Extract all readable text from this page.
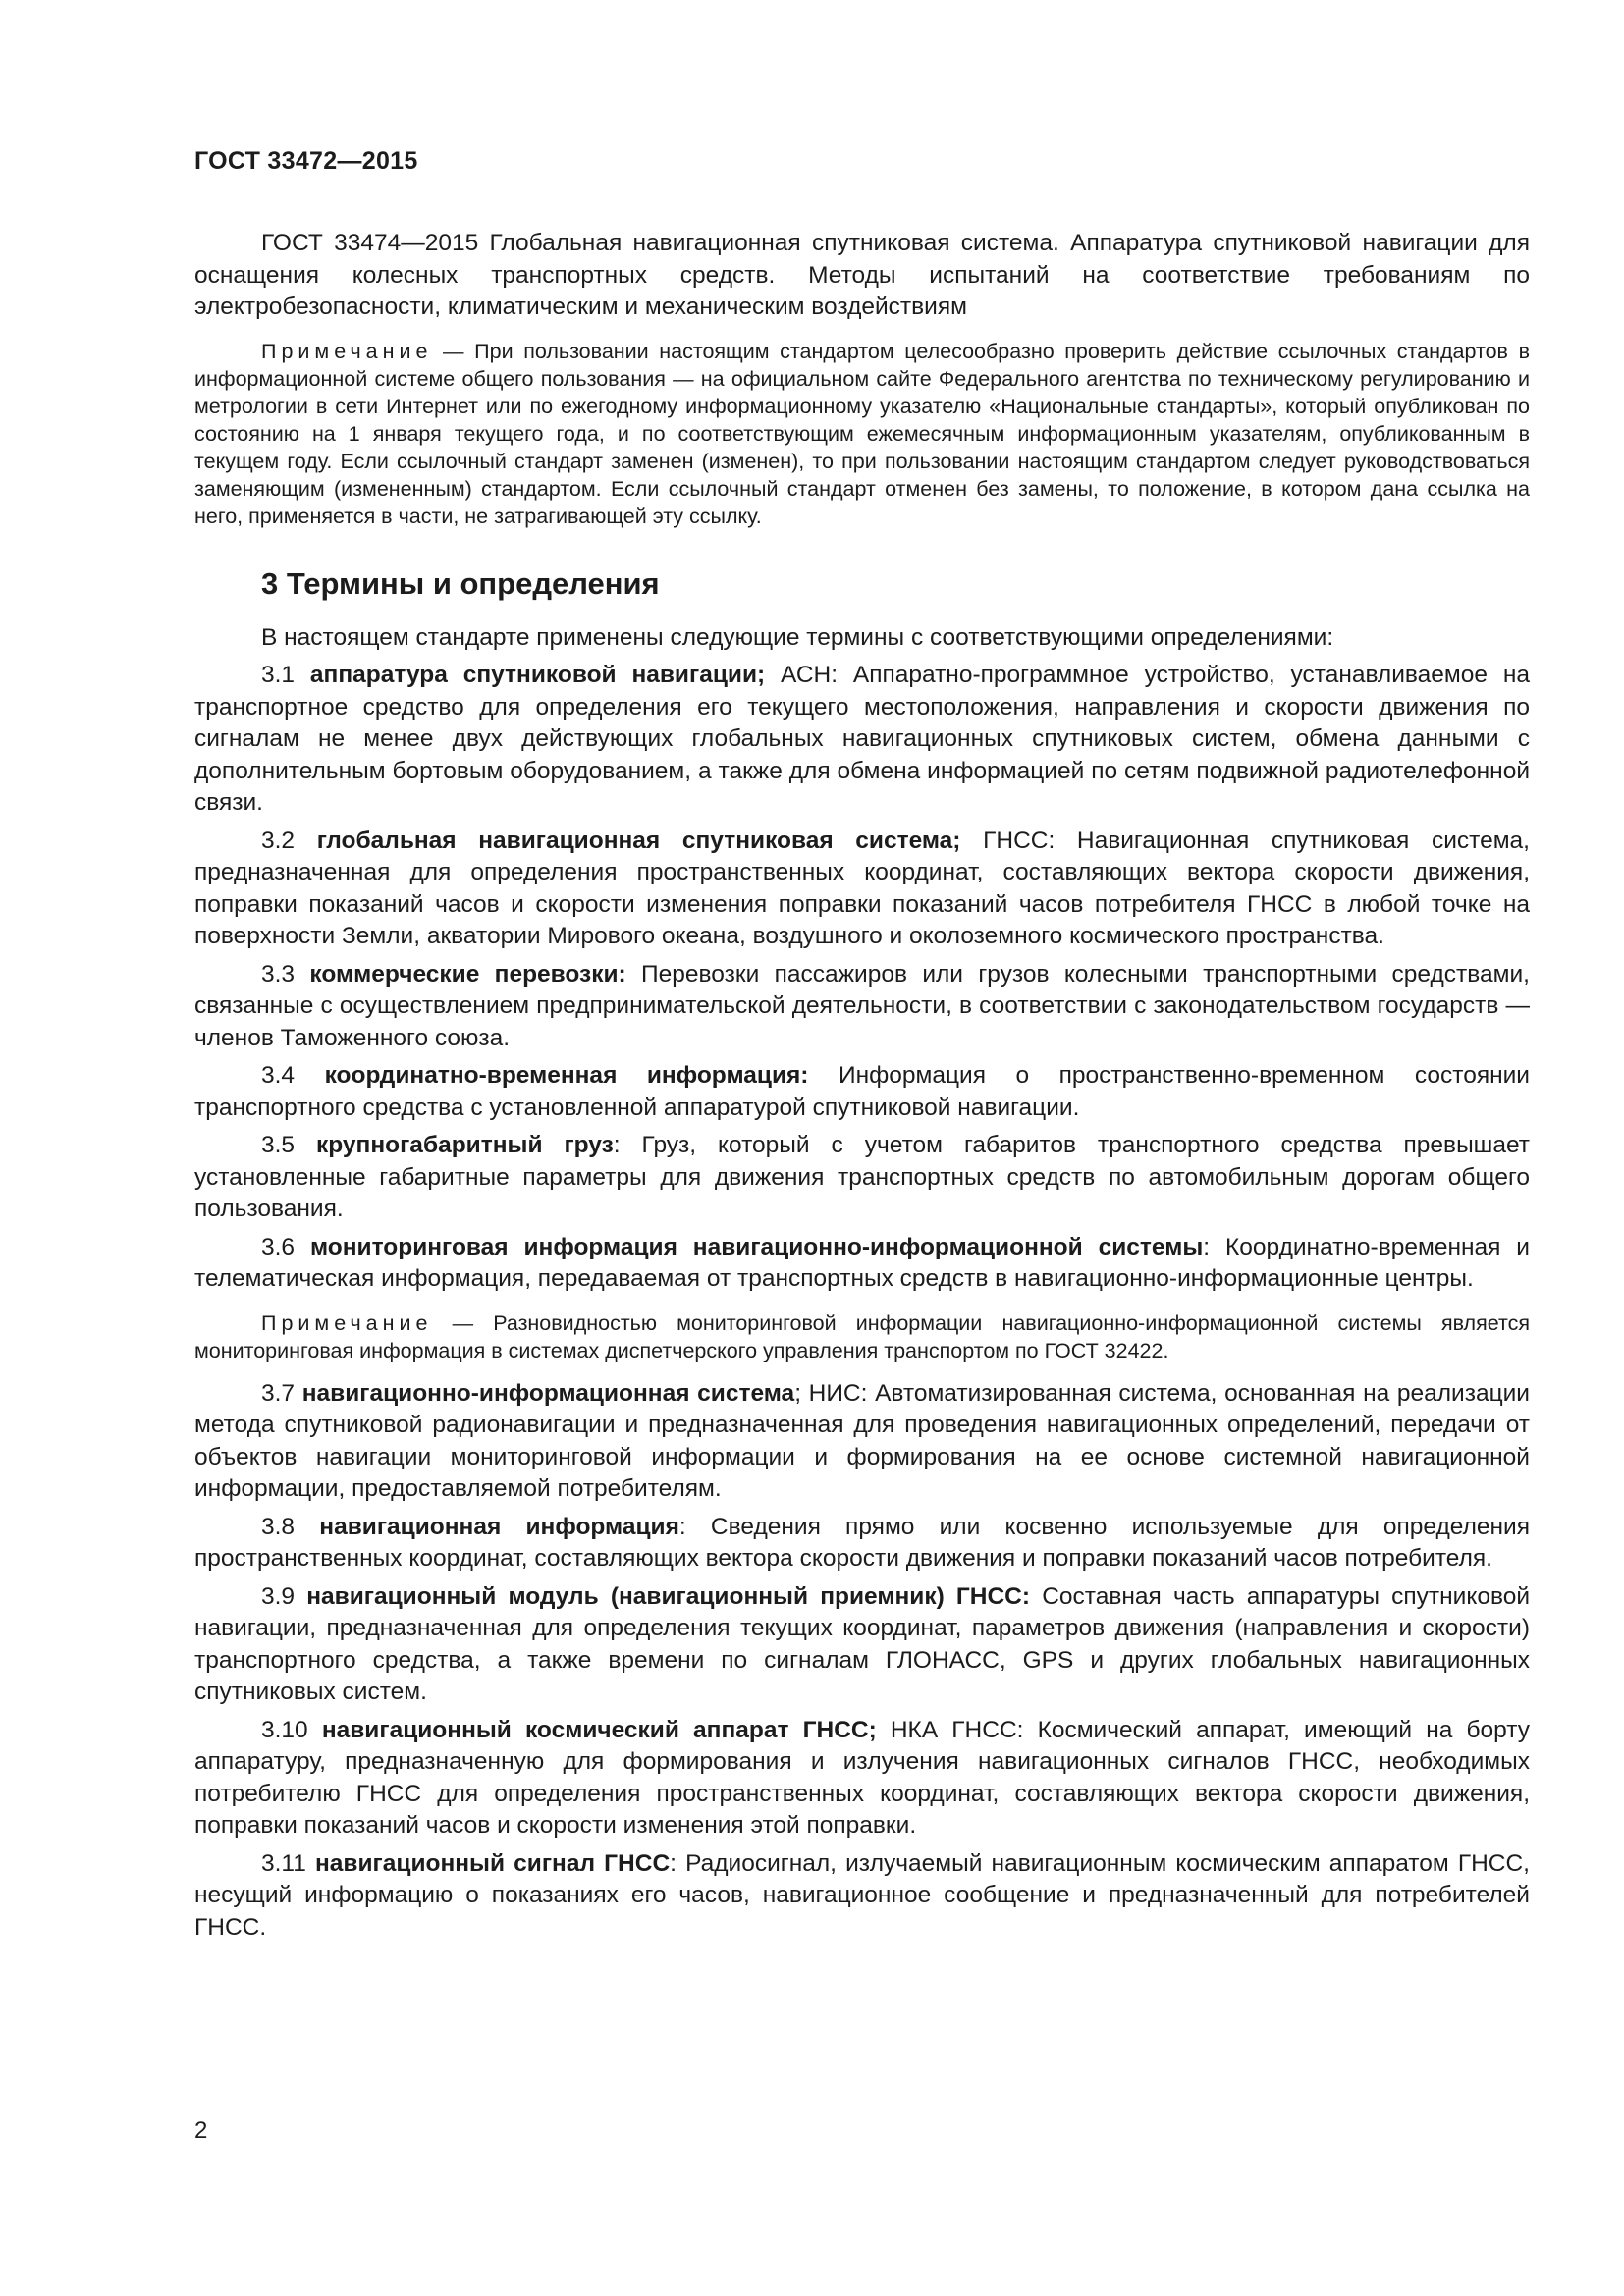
ГОСТ 33472—2015

ГОСТ 33474—2015 Глобальная навигационная спутниковая система. Аппаратура спутниковой навигации для оснащения колесных транспортных средств. Методы испытаний на соответствие требованиям по электробезопасности, климатическим и механическим воздействиям

Примечание — При пользовании настоящим стандартом целесообразно проверить действие ссылочных стандартов в информационной системе общего пользования — на официальном сайте Федерального агентства по техническому регулированию и метрологии в сети Интернет или по ежегодному информационному указателю «Национальные стандарты», который опубликован по состоянию на 1 января текущего года, и по соответствующим ежемесячным информационным указателям, опубликованным в текущем году. Если ссылочный стандарт заменен (изменен), то при пользовании настоящим стандартом следует руководствоваться заменяющим (измененным) стандартом. Если ссылочный стандарт отменен без замены, то положение, в котором дана ссылка на него, применяется в части, не затрагивающей эту ссылку.

3 Термины и определения

В настоящем стандарте применены следующие термины с соответствующими определениями:

3.1 аппаратура спутниковой навигации; АСН: Аппаратно-программное устройство, устанавливаемое на транспортное средство для определения его текущего местоположения, направления и скорости движения по сигналам не менее двух действующих глобальных навигационных спутниковых систем, обмена данными с дополнительным бортовым оборудованием, а также для обмена информацией по сетям подвижной радиотелефонной связи.

3.2 глобальная навигационная спутниковая система; ГНСС: Навигационная спутниковая система, предназначенная для определения пространственных координат, составляющих вектора скорости движения, поправки показаний часов и скорости изменения поправки показаний часов потребителя ГНСС в любой точке на поверхности Земли, акватории Мирового океана, воздушного и околоземного космического пространства.

3.3 коммерческие перевозки: Перевозки пассажиров или грузов колесными транспортными средствами, связанные с осуществлением предпринимательской деятельности, в соответствии с законодательством государств — членов Таможенного союза.

3.4 координатно-временная информация: Информация о пространственно-временном состоянии транспортного средства с установленной аппаратурой спутниковой навигации.

3.5 крупногабаритный груз: Груз, который с учетом габаритов транспортного средства превышает установленные габаритные параметры для движения транспортных средств по автомобильным дорогам общего пользования.

3.6 мониторинговая информация навигационно-информационной системы: Координатно-временная и телематическая информация, передаваемая от транспортных средств в навигационно-информационные центры.

Примечание — Разновидностью мониторинговой информации навигационно-информационной системы является мониторинговая информация в системах диспетчерского управления транспортом по ГОСТ 32422.

3.7 навигационно-информационная система; НИС: Автоматизированная система, основанная на реализации метода спутниковой радионавигации и предназначенная для проведения навигационных определений, передачи от объектов навигации мониторинговой информации и формирования на ее основе системной навигационной информации, предоставляемой потребителям.

3.8 навигационная информация: Сведения прямо или косвенно используемые для определения пространственных координат, составляющих вектора скорости движения и поправки показаний часов потребителя.

3.9 навигационный модуль (навигационный приемник) ГНСС: Составная часть аппаратуры спутниковой навигации, предназначенная для определения текущих координат, параметров движения (направления и скорости) транспортного средства, а также времени по сигналам ГЛОНАСС, GPS и других глобальных навигационных спутниковых систем.

3.10 навигационный космический аппарат ГНСС; НКА ГНСС: Космический аппарат, имеющий на борту аппаратуру, предназначенную для формирования и излучения навигационных сигналов ГНСС, необходимых потребителю ГНСС для определения пространственных координат, составляющих вектора скорости движения, поправки показаний часов и скорости изменения этой поправки.

3.11 навигационный сигнал ГНСС: Радиосигнал, излучаемый навигационным космическим аппаратом ГНСС, несущий информацию о показаниях его часов, навигационное сообщение и предназначенный для потребителей ГНСС.

2
